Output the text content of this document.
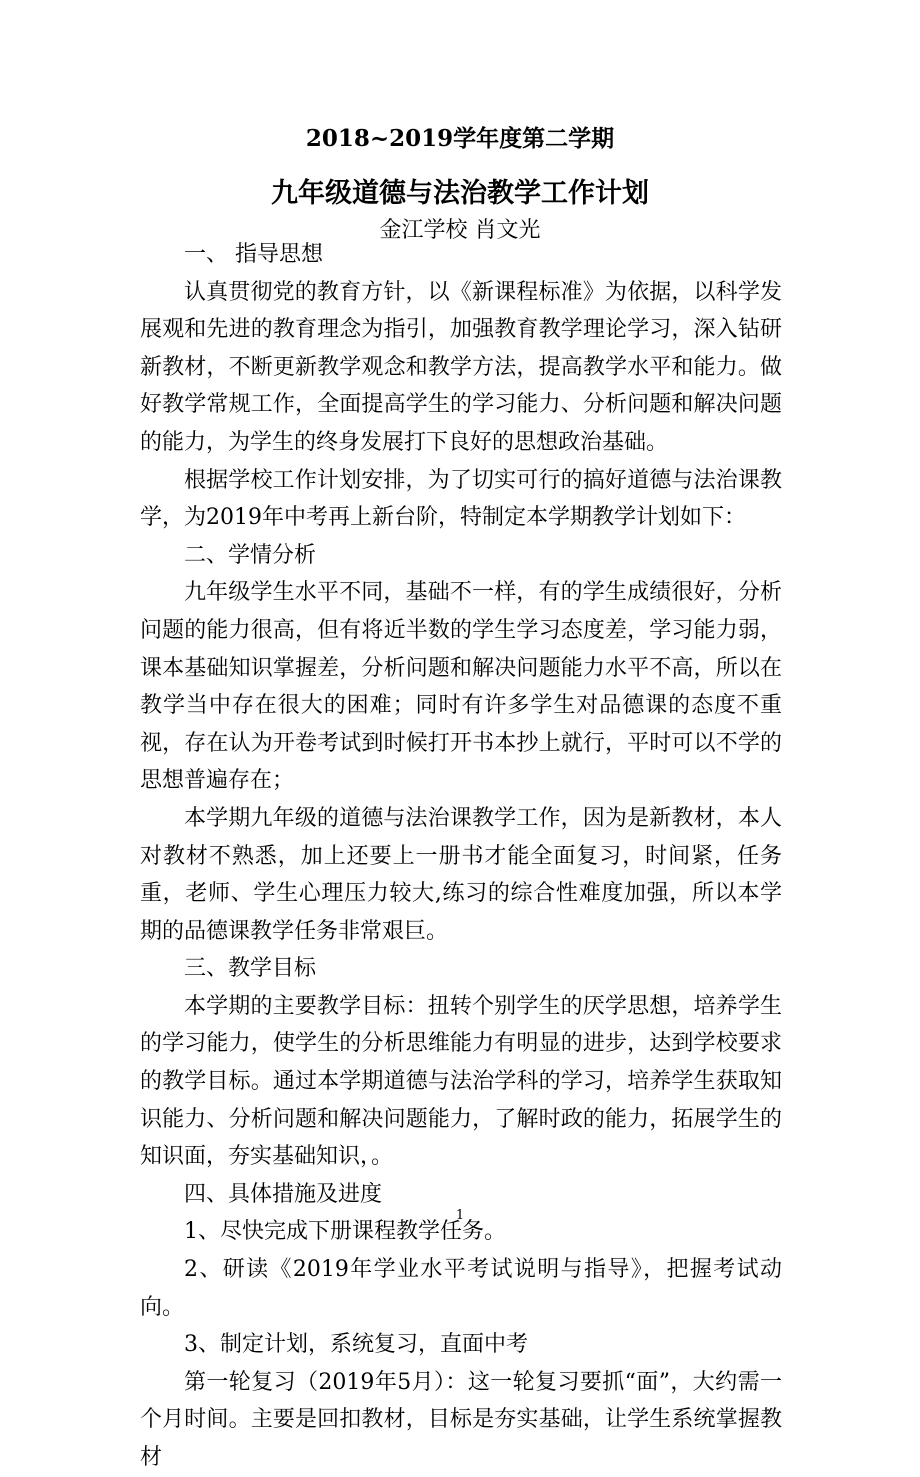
2018~2019学年度第二学期
九年级道德与法治教学工作计划
金江学校 肖文光
一、 指导思想
认真贯彻党的教育方针，以《新课程标准》为依据，以科学发展观和先进的教育理念为指引，加强教育教学理论学习，深入钻研新教材，不断更新教学观念和教学方法，提高教学水平和能力。做好教学常规工作，全面提高学生的学习能力、分析问题和解决问题的能力，为学生的终身发展打下良好的思想政治基础。
根据学校工作计划安排，为了切实可行的搞好道德与法治课教学，为2019年中考再上新台阶，特制定本学期教学计划如下：
二、学情分析
九年级学生水平不同，基础不一样，有的学生成绩很好，分析问题的能力很高，但有将近半数的学生学习态度差，学习能力弱，课本基础知识掌握差，分析问题和解决问题能力水平不高，所以在教学当中存在很大的困难；同时有许多学生对品德课的态度不重视，存在认为开卷考试到时候打开书本抄上就行，平时可以不学的思想普遍存在；
本学期九年级的道德与法治课教学工作，因为是新教材，本人对教材不熟悉，加上还要上一册书才能全面复习，时间紧，任务重，老师、学生心理压力较大,练习的综合性难度加强，所以本学期的品德课教学任务非常艰巨。
三、教学目标
本学期的主要教学目标：扭转个别学生的厌学思想，培养学生的学习能力，使学生的分析思维能力有明显的进步，达到学校要求的教学目标。通过本学期道德与法治学科的学习，培养学生获取知识能力、分析问题和解决问题能力，了解时政的能力，拓展学生的知识面，夯实基础知识，。
四、具体措施及进度
1、尽快完成下册课程教学任务。
2、研读《2019年学业水平考试说明与指导》，把握考试动向。
3、制定计划，系统复习，直面中考
第一轮复习（2019年5月）：这一轮复习要抓“面”，大约需一个月时间。主要是回扣教材，目标是夯实基础，让学生系统掌握教材
1
